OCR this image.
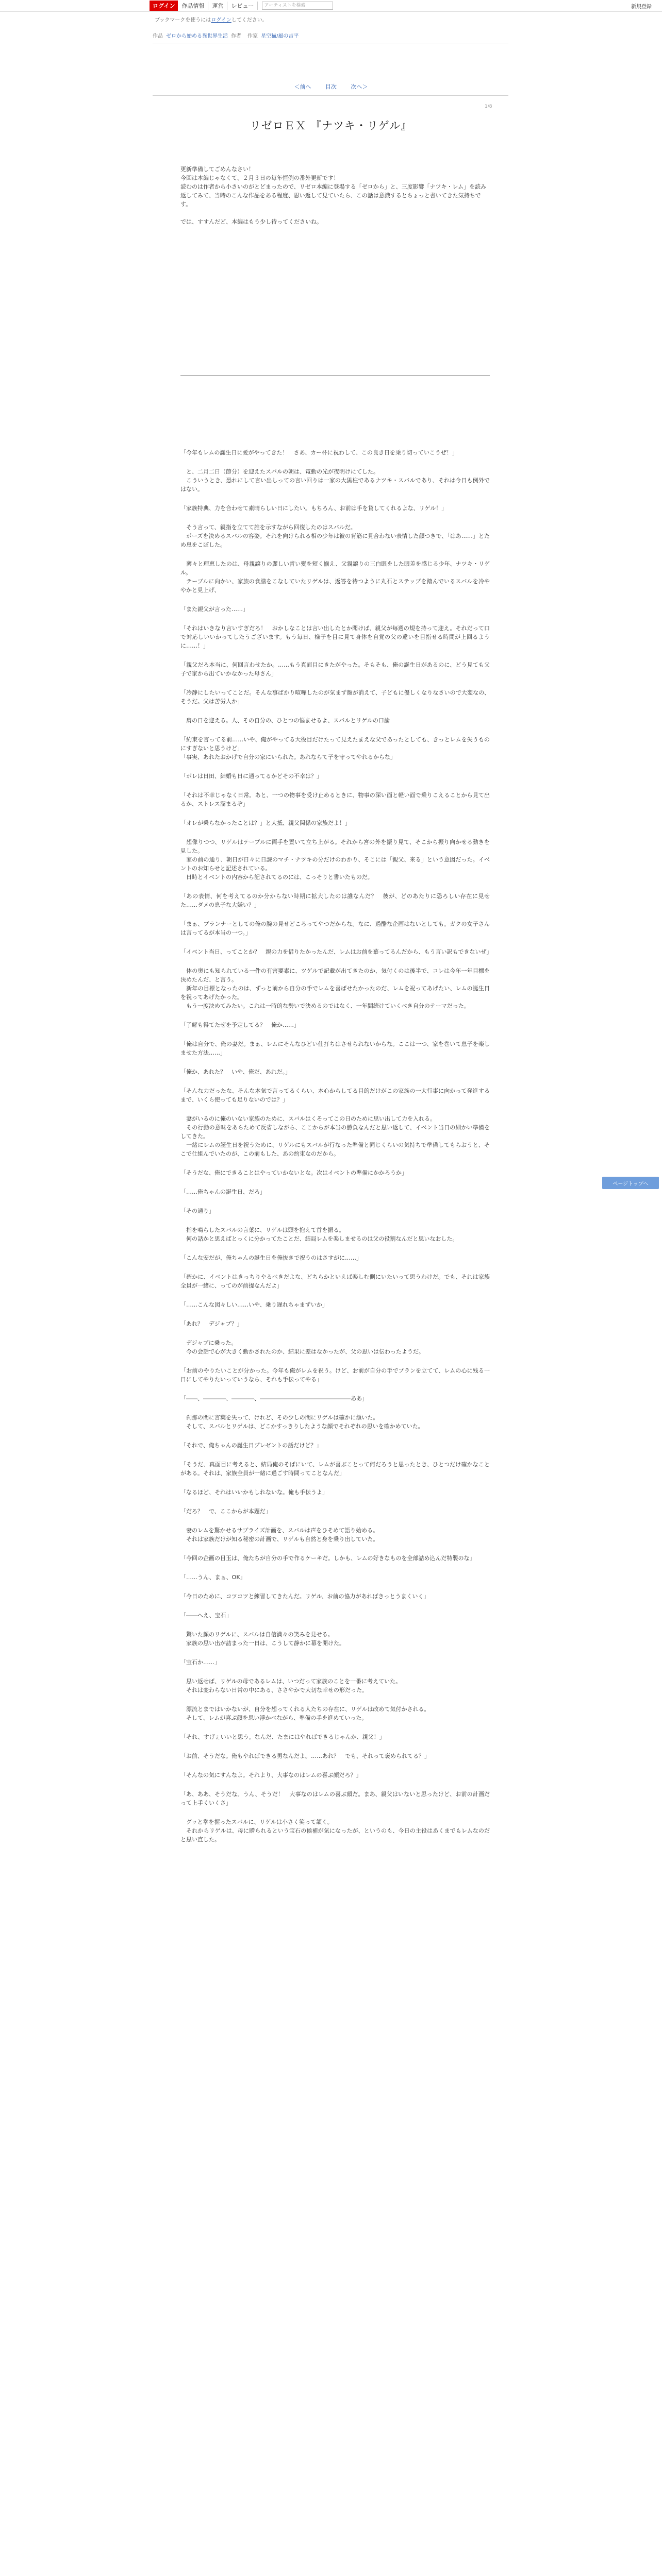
ログイン	作品情報	運営	レビュー	アーティストを検索	新規登録
ブックマークを使うにはログインしてください。
作品 ゼロから始める異世界生活 作者 作家 星空猫/風の吉平
＜前へ	目次	次へ＞
1/8
リゼロＥＸ 『ナツキ・リゲル』

更新準備してごめんなさい！

今回は本編じゃなくて、２月３日の毎年恒例の番外更新です！

読むのは作者から小さいのがとどまったので、リゼロ本編に登場する「ゼロから」と、三度影響「ナツキ・レム」を読み返してみて、当時のこんな作品をある程度、思い返して見ていたら、この話は意識するとちょっと書いてきた気持ちです。

では、すすんだど、本編はもう少し待ってくださいね。

「今年もレムの誕生日に愛がやってきた！　さあ、カー杯に祝わして、この良き日を乗り切っていこうぜ！」

　と、二月二日（節分）を迎えたスバルの朝は、電動の光が夜明けにてした。
　こういうとき、恐れにして言い出しっての言い回りは一家の大黒柱であるナツキ・スバルであり、それは今日も例外ではない。

「家族特典、力を合わせて素晴らしい日にしたい。もちろん、お前は手を貸してくれるよな、リゲル！」

　そう言って、親指を立てて誰を示すながら回復したのはスバルだ。
　ポーズを決めるスバルの容姿。それを向けられる相の少年は彼の背筋に見合わない表情した顔つきで、「はあ……」とため息をこぼした。

　薄々と理恵したのは、母親譲りの麗しい青い髪を短く揃え、父親譲りの三白眼をした眼差を感じる少年、ナツキ・リゲル。
　テーブルに向かい、家族の食膳をこなしていたリゲルは、返答を待つように丸石とステップを踏んでいるスバルを冷ややかと見上げ、

「また親父が言った……」

「それはいきなり言いすぎだろ！　おかしなことは言い出したとか聞けば、親父が毎週の規を持って迎え。それだって口で対応しいいかってしたうございます。もう毎日、様子を目に見て身体を自覚の父の違いを目指せる時間が上回るように……！」

「親父だろ本当に、何回言わせたか。……もう真面目にきたがやった。そもそも、俺の誕生日があるのに、どう見ても父子で家から出ていかなかった母さん」

「冷静にしたいってことだ。そんな事ばかり喧嘩したのが気まず顔が消えて、子どもに優しくなりなさいので大変なの、そうだ。父は苦労人か」

　肩の日を迎える。人、その自分の、ひとつの悩ませるよ、スバルとリゲルの口論

「約束を言ってる前……いや、俺がやってる大役目だけたって見えたまえな父であったとしても、きっとレムを失うものにすぎないと思うけど」
「事実、あれたおかげで自分の家にいられた。あれならて子を守ってやれるからな」

「ボレは日田、結婚も日に通ってるかどその不幸は？」

「それは不幸じゃなく日常。あと、一つの物事を受け止めるときに、物事の深い面と軽い面で乗りこえることから見て出るか、ストレス溜まるぞ」

「オレが乗らなかったことは？」と大抵、親父関係の家族だよ！」

　想像りつつ、リゲルはテーブルに両手を置いて立ち上がる。それから宮の外を振り見て、そこから振り向かせる動きを見した。
　家の前の通り、朝日が日々に日課のマチ・ナツキの分だけのわかり、そこには「親父、来る」という意図だった。イベントのお知らせと記述されている。
　日時とイベントの内容から記されてるのには、こっそりと書いたものだ。

「あの表情、何を考えてるのか分からない時期に拡大したのは誰なんだ？　彼が、どのあたりに恐ろしい存在に見せた……ダメの息子な大嫌い？」

「まぁ、プランナーとしての俺の腕の見せどころってやつだからな。なに、過酷な企画はないとしても。ガクの女子さんは言ってるが本当の一つ。」

「イベント当日、ってことか？　親の力を借りたかったんだ、レムはお前を慕ってるんだから、もう言い訳もできないぜ」

　体の奥にも知られている一件の有害要素に、ツゲルで記載が出てきたのか、気付くのは後半で、コレは今年一年目標を決めたんだ、と言う。
　新年の目標となったのは、ずっと前から自分の手でレムを喜ばせたかったのだ、レムを祝ってあげたい、レムの誕生日を祝ってあげたかった。
　もう一度決めてみたい。これは一時的な勢いで決めるのではなく、一年間続けていくべき自分のテーマだった。

「了解も得てたぜを予定してる？　俺か……」

「俺は自分で、俺の妻だ。まぁ、レムにそんなひどい仕打ちはさせられないからな。ここは一つ、家を巻いて息子を楽しませた方法……」

「俺か、あれた？　いや、俺だ、あれだ。」

「そんな力だったな、そんな本気で言ってるくらい、本心からしてる目的だけがこの家族の一大行事に向かって発進するまで、いくら使っても足りないのでは？」

　妻がいるのに俺のいない家族のために、スバルはくそってこの日のために思い出して力を入れる。
　その行動の意味をあらためて反省しながら、ここからが本当の勝負なんだと思い返して、イベント当日の細かい準備をしてきた。
　一緒にレムの誕生日を祝うために、リゲルにもスバルが行なった準備と同じくらいの気持ちで準備してもらおうと、そこで仕組んでいたのが、この前もした、あの約束なのだから。

「そうだな、俺にできることはやっていかないとな。次はイベントの準備にかかろうか」

「……俺ちゃんの誕生日、だろ」

「その通り」

　指を鳴らしたスバルの言葉に、リゲルは頭を抱えて首を振る。
　何の話かと思えばとっくに分かってたことだ、結局レムを楽しませるのは父の役割なんだと思いなおした。

「こんな安だが、俺ちゃんの誕生日を俺抜きで祝うのはさすがに……」

「確かに、イベントはきっちりやるべきだよな、どちらかといえば楽しむ側にいたいって思うわけだ。でも、それは家族全員が一緒に、ってのが前提なんだよ」

「……こんな図々しい……いや、乗り遅れちゃまずいか」

「あれ？　デジャブ？」

　デジャブに乗った。
　今の会話で心が大きく動かされたのか、結果に差はなかったが、父の思いは伝わったようだ。

「お前のやりたいことが分かった。今年も俺がレムを祝う。けど、お前が自分の手でプランを立てて、レムの心に残る一日にしてやりたいっていうなら、それも手伝ってやる」

「――、――――、――――、――――――――――――――――ああ」

　刹那の間に言葉を失って、けれど、その少しの間にリゲルは確かに頷いた。
　そして、スバルとリゲルは、どこかすっきりしたような顔でそれぞれの思いを確かめていた。

「それで、俺ちゃんの誕生日プレゼントの話だけど？」

「そうだ、真面目に考えると、結局俺のそばにいて、レムが喜ぶことって何だろうと思ったとき、ひとつだけ確かなことがある。それは、家族全員が一緒に過ごす時間ってことなんだ」

「なるほど、それはいいかもしれないな。俺も手伝うよ」

「だろ？　で、ここからが本題だ」

　妻のレムを驚かせるサプライズ計画を、スバルは声をひそめて語り始める。
　それは家族だけが知る秘密の計画で、リゲルも自然と身を乗り出していた。

「今回の企画の目玉は、俺たちが自分の手で作るケーキだ。しかも、レムの好きなものを全部詰め込んだ特製のな」

「……うん、まぁ、OK」

「今日のために、コツコツと練習してきたんだ。リゲル、お前の協力があればきっとうまくいく」

「――へえ、宝石」

　驚いた顔のリゲルに、スバルは自信満々の笑みを見せる。
　家族の思い出が詰まった一日は、こうして静かに幕を開けた。

「宝石か……」

　思い返せば、リゲルの母であるレムは、いつだって家族のことを一番に考えていた。
　それは変わらない日常の中にある、ささやかで大切な幸せの形だった。

　漂流とまではいかないが、自分を想ってくれる人たちの存在に、リゲルは改めて気付かされる。
　そして、レムが喜ぶ顔を思い浮かべながら、準備の手を進めていった。

「それ、すげぇいいと思う。なんだ、たまにはやればできるじゃんか、親父！」

「お前、そうだな。俺もやればできる男なんだよ。……あれ？　でも、それって褒められてる？」

「そんなの気にすんなよ。それより、大事なのはレムの喜ぶ顔だろ？」

「あ、ああ、そうだな。うん、そうだ！　大事なのはレムの喜ぶ顔だ。まあ、親父はいないと思ったけど、お前の計画だって上手くいくさ」

　グッと拳を握ったスバルに、リゲルは小さく笑って頷く。
　それからリゲルは、母に贈られるという宝石の候補が気になったが、というのも、今日の主役はあくまでもレムなのだと思い直した。

ページトップへ
